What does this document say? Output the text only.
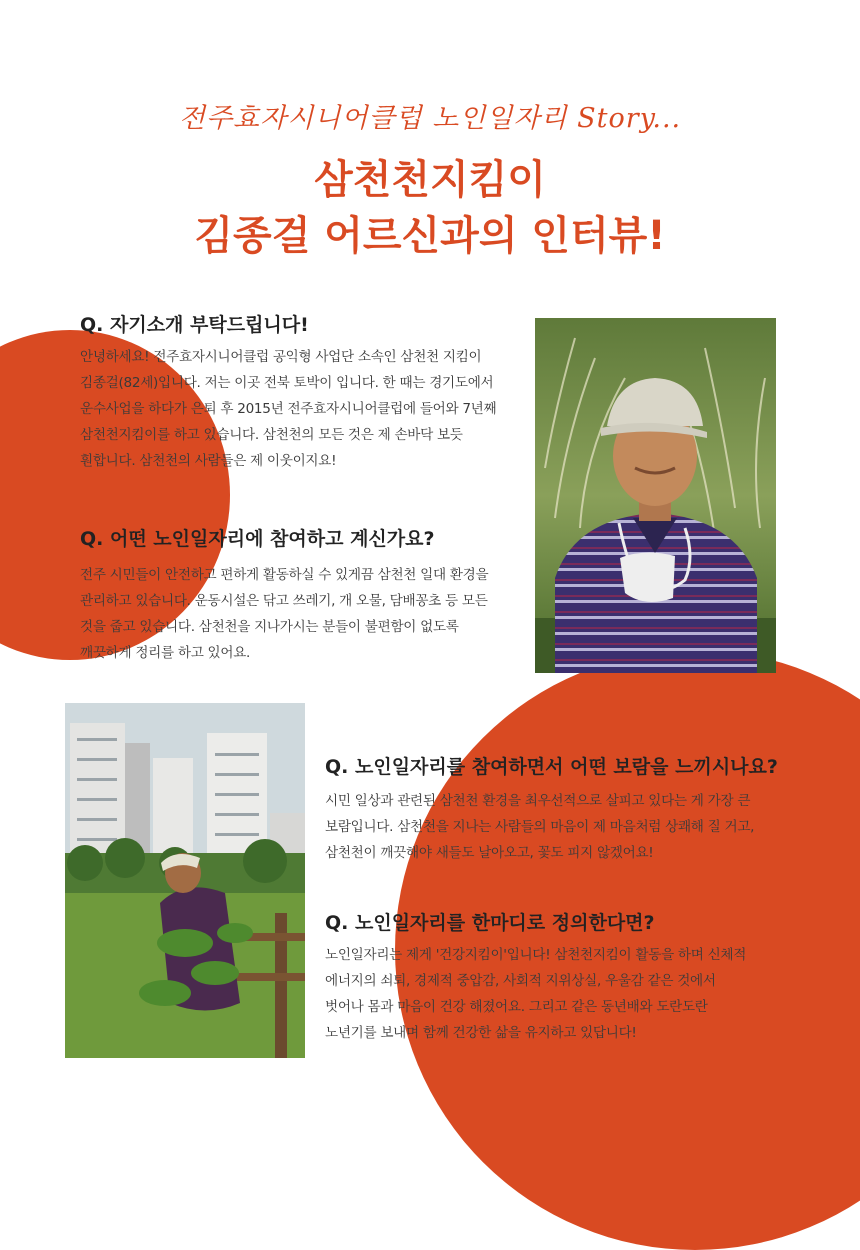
전주효자시니어클럽 노인일자리 Story...
삼천천지킴이
김종걸 어르신과의 인터뷰!
Q. 자기소개 부탁드립니다!

안녕하세요! 전주효자시니어클럽 공익형 사업단 소속인 삼천천 지킴이 김종걸(82세)입니다. 저는 이곳 전북 토박이 입니다. 한 때는 경기도에서 운수사업을 하다가 은퇴 후 2015년 전주효자시니어클럽에 들어와 7년째 삼천천지킴이를 하고 있습니다. 삼천천의 모든 것은 제 손바닥 보듯 훤합니다. 삼천천의 사람들은 제 이웃이지요!

Q. 어떤 노인일자리에 참여하고 계신가요?

전주 시민들이 안전하고 편하게 활동하실 수 있게끔 삼천천 일대 환경을 관리하고 있습니다. 운동시설은 닦고 쓰레기, 개 오물, 담배꽁초 등 모든 것을 줍고 있습니다. 삼천천을 지나가시는 분들이 불편함이 없도록 깨끗하게 정리를 하고 있어요.

Q. 노인일자리를 참여하면서 어떤 보람을 느끼시나요?

시민 일상과 관련된 삼천천 환경을 최우선적으로 살피고 있다는 게 가장 큰 보람입니다. 삼천천을 지나는 사람들의 마음이 제 마음처럼 상쾌해 질 거고, 삼천천이 깨끗해야 새들도 날아오고, 꽃도 피지 않겠어요!

Q. 노인일자리를 한마디로 정의한다면?

노인일자리는 제게 '건강지킴이'입니다! 삼천천지킴이 활동을 하며 신체적 에너지의 쇠퇴, 경제적 중압감, 사회적 지위상실, 우울감 같은 것에서 벗어나 몸과 마음이 건강 해졌어요. 그리고 같은 동년배와 도란도란 노년기를 보내며 함께 건강한 삶을 유지하고 있답니다!
